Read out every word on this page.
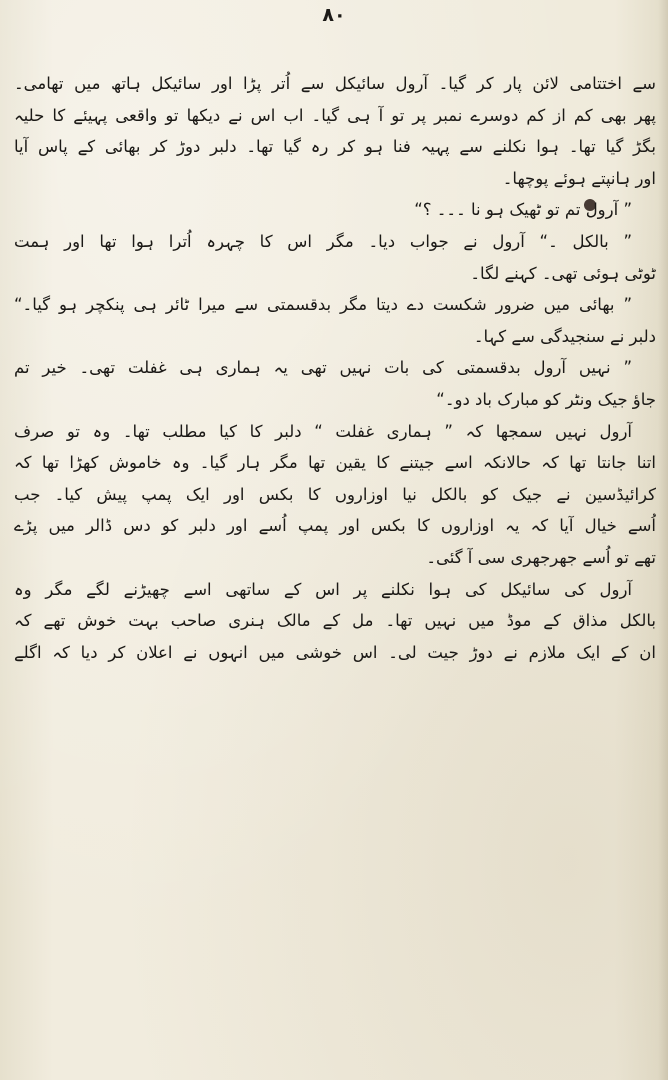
۸۰
سے اختتامی لائن پار کر گیا۔ آرول سائیکل سے اُتر پڑا اور سائیکل ہاتھ میں تھامی۔
پھر بھی کم از کم دوسرے نمبر پر تو آ ہی گیا۔ اب اس نے دیکھا تو واقعی پہیئے کا حلیہ
بگڑ گیا تھا۔ ہوا نکلنے سے پہیہ فنا ہو کر رہ گیا تھا۔ دلبر دوڑ کر بھائی کے پاس آیا
اور ہانپتے ہوئے پوچھا۔
” آرول تم تو ٹھیک ہو نا ۔۔۔ ؟“
” بالکل ۔“ آرول نے جواب دیا۔ مگر اس کا چہرہ اُترا ہوا تھا اور ہمت
ٹوٹی ہوئی تھی۔ کہنے لگا۔
” بھائی میں ضرور شکست دے دیتا مگر بدقسمتی سے میرا ٹائر ہی پنکچر ہو گیا۔“
دلبر نے سنجیدگی سے کہا۔
” نہیں آرول بدقسمتی کی بات نہیں تھی یہ ہماری ہی غفلت تھی۔ خیر تم
جاؤ جیک ونٹر کو مبارک باد دو۔“
آرول نہیں سمجھا کہ ” ہماری غفلت “ دلبر کا کیا مطلب تھا۔ وہ تو صرف
اتنا جانتا تھا کہ حالانکہ اسے جیتنے کا یقین تھا مگر ہار گیا۔ وہ خاموش کھڑا تھا کہ
کرائیڈسین نے جیک کو بالکل نیا اوزاروں کا بکس اور ایک پمپ پیش کیا۔ جب
اُسے خیال آیا کہ یہ اوزاروں کا بکس اور پمپ اُسے اور دلبر کو دس ڈالر میں پڑے
تھے تو اُسے جھرجھری سی آ گئی۔
آرول کی سائیکل کی ہوا نکلنے پر اس کے ساتھی اسے چھیڑنے لگے مگر وہ
بالکل مذاق کے موڈ میں نہیں تھا۔ مل کے مالک ہنری صاحب بہت خوش تھے کہ
ان کے ایک ملازم نے دوڑ جیت لی۔ اس خوشی میں انہوں نے اعلان کر دیا کہ اگلے
